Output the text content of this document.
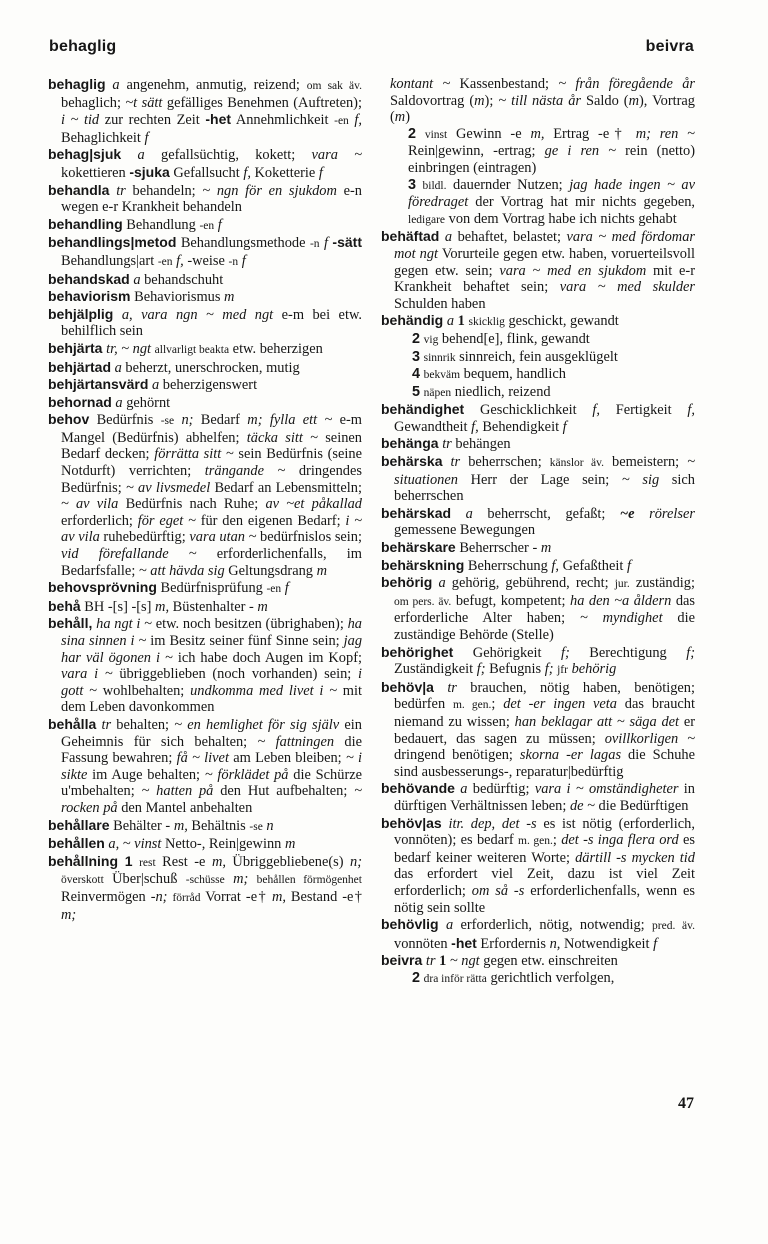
behaglig	beivra

behaglig a angenehm, anmutig, reizend; om sak äv. behaglich; ~t sätt gefälliges Benehmen (Auftreten); i ~ tid zur rechten Zeit -het Annehmlichkeit -en f, Behaglichkeit f

behag|sjuk a gefallsüchtig, kokett; vara ~ kokettieren -sjuka Gefallsucht f, Koketterie f

behandla tr behandeln; ~ ngn för en sjukdom e-n wegen e-r Krankheit behandeln

behandling Behandlung -en f

behandlings|metod Behandlungsmethode -n f -sätt Behandlungs|art -en f, -weise -n f

behandskad a behandschuht

behaviorism Behaviorismus m

behjälplig a, vara ngn ~ med ngt e-m bei etw. behilflich sein

behjärta tr, ~ ngt allvarligt beakta etw. beherzigen

behjärtad a beherzt, unerschrocken, mutig

behjärtansvärd a beherzigenswert

behornad a gehörnt

behov Bedürfnis -se n; Bedarf m; fylla ett ~ e-m Mangel (Bedürfnis) abhelfen; täcka sitt ~ seinen Bedarf decken; förrätta sitt ~ sein Bedürfnis (seine Notdurft) verrichten; trängande ~ dringendes Bedürfnis; ~ av livsmedel Bedarf an Lebensmitteln; ~ av vila Bedürfnis nach Ruhe; av ~et påkallad erforderlich; för eget ~ für den eigenen Bedarf; i ~ av vila ruhebedürftig; vara utan ~ bedürfnislos sein; vid förefallande ~ erforderlichenfalls, im Bedarfsfalle; ~ att hävda sig Geltungsdrang m

behovsprövning Bedürfnisprüfung -en f

behå BH -[s] -[s] m, Büstenhalter - m

behåll, ha ngt i ~ etw. noch besitzen (übrighaben); ha sina sinnen i ~ im Besitz seiner fünf Sinne sein; jag har väl ögonen i ~ ich habe doch Augen im Kopf; vara i ~ übriggeblieben (noch vorhanden) sein; i gott ~ wohlbehalten; undkomma med livet i ~ mit dem Leben davonkommen

behålla tr behalten; ~ en hemlighet för sig själv ein Geheimnis für sich behalten; ~ fattningen die Fassung bewahren; få ~ livet am Leben bleiben; ~ i sikte im Auge behalten; ~ förklädet på die Schürze u'mbehalten; ~ hatten på den Hut aufbehalten; ~ rocken på den Mantel anbehalten

behållare Behälter - m, Behältnis -se n

behållen a, ~ vinst Netto-, Rein|gewinn m

behållning 1 rest Rest -e m, Übriggebliebene(s) n; överskott Über|schuß -schüsse m; behållen förmögenhet Reinvermögen -n; förråd Vorrat -e† m, Bestand -e† m;

kontant ~ Kassenbestand; ~ från föregående år Saldovortrag (m); ~ till nästa år Saldo (m), Vortrag (m)
2 vinst Gewinn -e m, Ertrag -e† m; ren ~ Rein|gewinn, -ertrag; ge i ren ~ rein (netto) einbringen (eintragen)
3 bildl. dauernder Nutzen; jag hade ingen ~ av föredraget der Vortrag hat mir nichts gegeben, ledigare von dem Vortrag habe ich nichts gehabt

behäftad a behaftet, belastet; vara ~ med fördomar mot ngt Vorurteile gegen etw. haben, voruerteilsvoll gegen etw. sein; vara ~ med en sjukdom mit e-r Krankheit behaftet sein; vara ~ med skulder Schulden haben

behändig a 1 skicklig geschickt, gewandt
2 vig behend[e], flink, gewandt
3 sinnrik sinnreich, fein ausgeklügelt
4 bekväm bequem, handlich
5 näpen niedlich, reizend

behändighet Geschicklichkeit f, Fertigkeit f, Gewandtheit f, Behendigkeit f

behänga tr behängen

behärska tr beherrschen; känslor äv. bemeistern; ~ situationen Herr der Lage sein; ~ sig sich beherrschen

behärskad a beherrscht, gefaßt; ~e rörelser gemessene Bewegungen

behärskare Beherrscher - m

behärskning Beherrschung f, Gefaßtheit f

behörig a gehörig, gebührend, recht; jur. zuständig; om pers. äv. befugt, kompetent; ha den ~a åldern das erforderliche Alter haben; ~ myndighet die zuständige Behörde (Stelle)

behörighet Gehörigkeit f; Berechtigung f; Zuständigkeit f; Befugnis f; jfr behörig

behöv|a tr brauchen, nötig haben, benötigen; bedürfen m. gen.; det -er ingen veta das braucht niemand zu wissen; han beklagar att ~ säga det er bedauert, das sagen zu müssen; ovillkorligen ~ dringend benötigen; skorna -er lagas die Schuhe sind ausbesserungs-, reparatur|bedürftig

behövande a bedürftig; vara i ~ omständigheter in dürftigen Verhältnissen leben; de ~ die Bedürftigen

behöv|as itr. dep, det -s es ist nötig (erforderlich, vonnöten); es bedarf m. gen.; det -s inga flera ord es bedarf keiner weiteren Worte; därtill -s mycken tid das erfordert viel Zeit, dazu ist viel Zeit erforderlich; om så -s erforderlichenfalls, wenn es nötig sein sollte

behövlig a erforderlich, nötig, notwendig; pred. äv. vonnöten -het Erfordernis n, Notwendigkeit f

beivra tr 1 ~ ngt gegen etw. einschreiten
2 dra inför rätta gerichtlich verfolgen,

47
